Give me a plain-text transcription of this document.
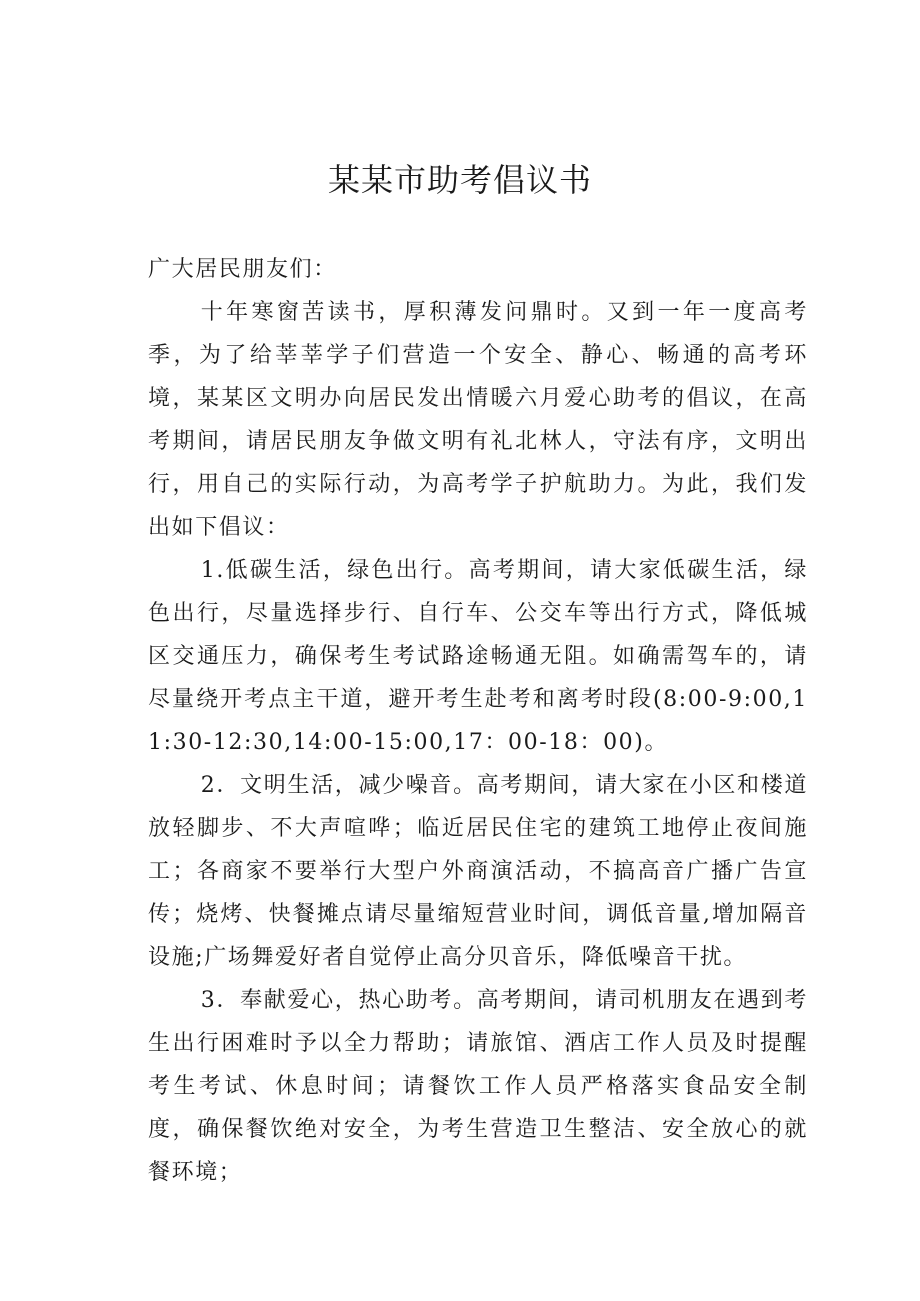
某某市助考倡议书

广大居民朋友们：

十年寒窗苦读书，厚积薄发问鼎时。又到一年一度高考季，为了给莘莘学子们营造一个安全、静心、畅通的高考环境，某某区文明办向居民发出情暖六月爱心助考的倡议，在高考期间，请居民朋友争做文明有礼北林人，守法有序，文明出行，用自己的实际行动，为高考学子护航助力。为此，我们发出如下倡议：

1.低碳生活，绿色出行。高考期间，请大家低碳生活，绿色出行，尽量选择步行、自行车、公交车等出行方式，降低城区交通压力，确保考生考试路途畅通无阻。如确需驾车的，请尽量绕开考点主干道，避开考生赴考和离考时段(8:00-9:00,11:30-12:30,14:00-15:00,17：00-18：00)。

2．文明生活，减少噪音。高考期间，请大家在小区和楼道放轻脚步、不大声喧哗；临近居民住宅的建筑工地停止夜间施工；各商家不要举行大型户外商演活动，不搞高音广播广告宣传；烧烤、快餐摊点请尽量缩短营业时间，调低音量,增加隔音设施;广场舞爱好者自觉停止高分贝音乐，降低噪音干扰。

3．奉献爱心，热心助考。高考期间，请司机朋友在遇到考生出行困难时予以全力帮助；请旅馆、酒店工作人员及时提醒考生考试、休息时间；请餐饮工作人员严格落实食品安全制度，确保餐饮绝对安全，为考生营造卫生整洁、安全放心的就餐环境；
